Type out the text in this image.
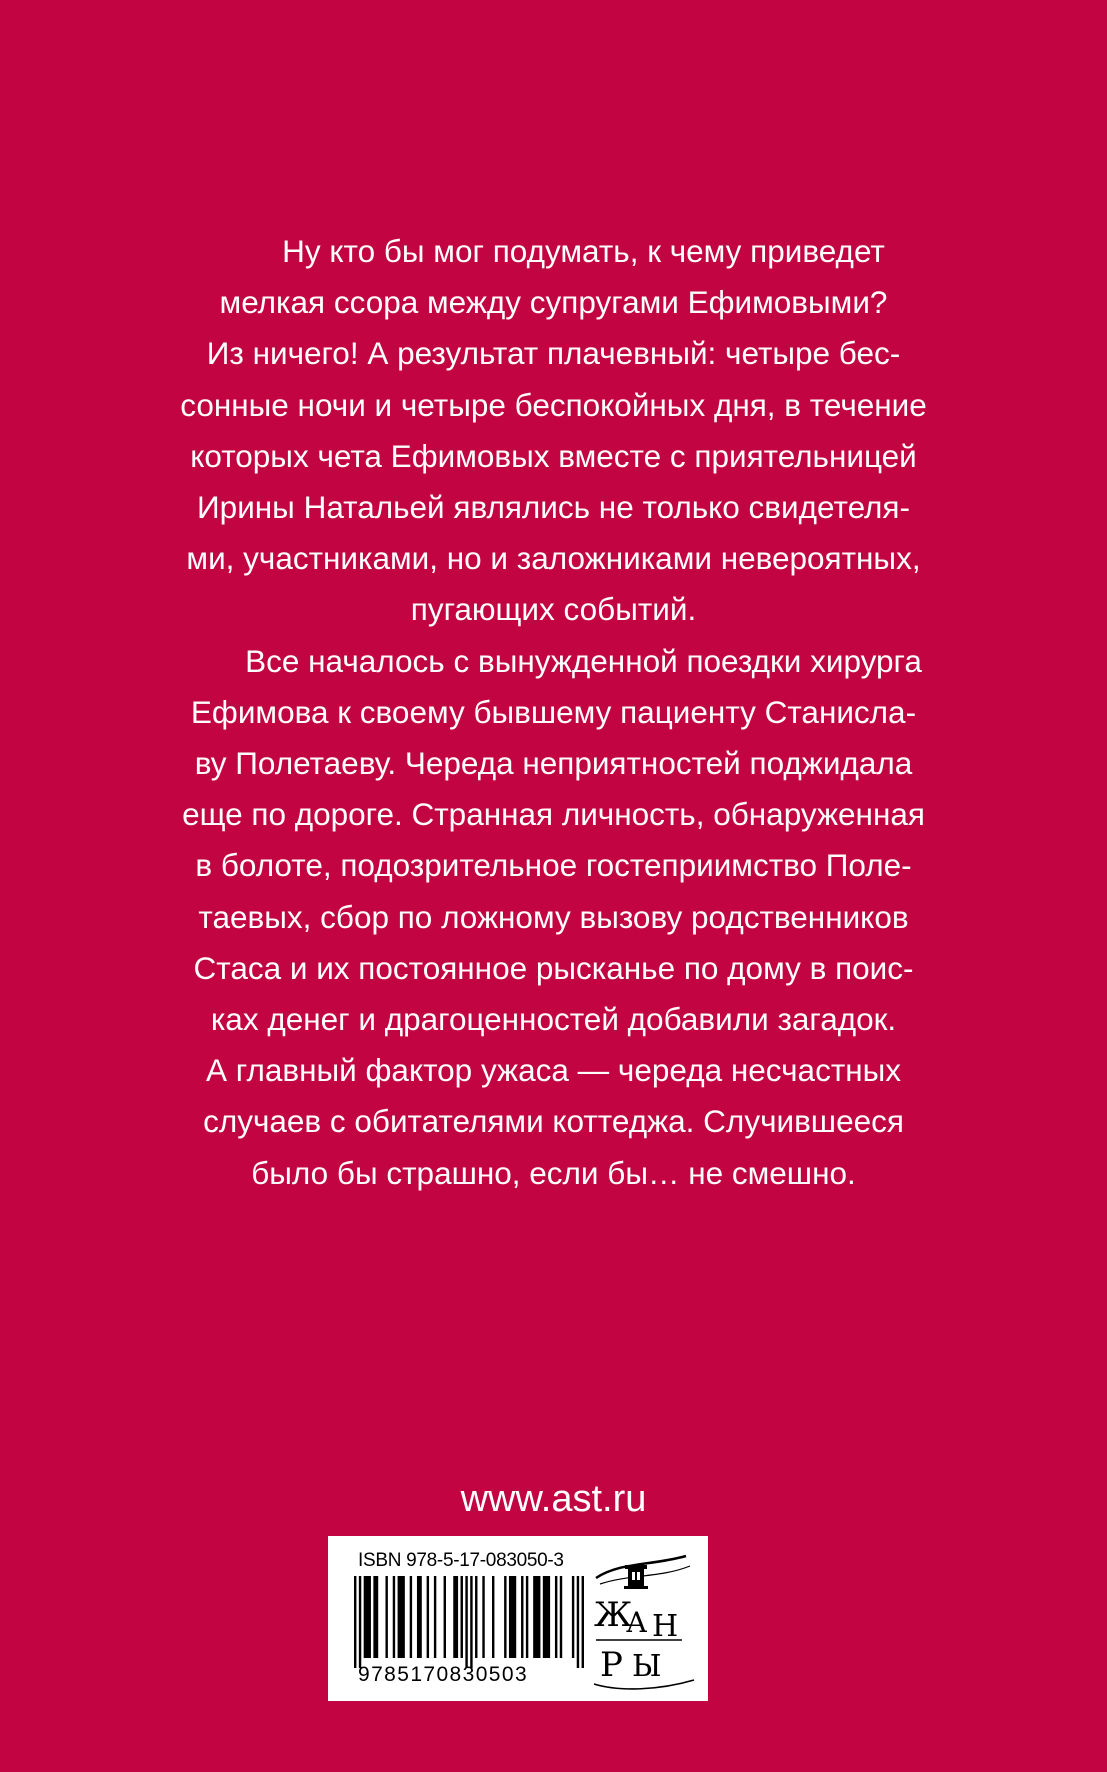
Ну кто бы мог подумать, к чему приведет
мелкая ссора между супругами Ефимовыми?
Из ничего! А результат плачевный: четыре бес-
сонные ночи и четыре беспокойных дня, в течение
которых чета Ефимовых вместе с приятельницей
Ирины Натальей являлись не только свидетеля-
ми, участниками, но и заложниками невероятных,
пугающих событий.
Все началось с вынужденной поездки хирурга
Ефимова к своему бывшему пациенту Станисла-
ву Полетаеву. Череда неприятностей поджидала
еще по дороге. Странная личность, обнаруженная
в болоте, подозрительное гостеприимство Поле-
таевых, сбор по ложному вызову родственников
Стаса и их постоянное рысканье по дому в поис-
ках денег и драгоценностей добавили загадок.
А главный фактор ужаса — череда несчастных
случаев с обитателями коттеджа. Случившееся
было бы страшно, если бы… не смешно.
www.ast.ru
ISBN 978-5-17-083050-3
9785170830503
Ж
А Н
Р Ы
